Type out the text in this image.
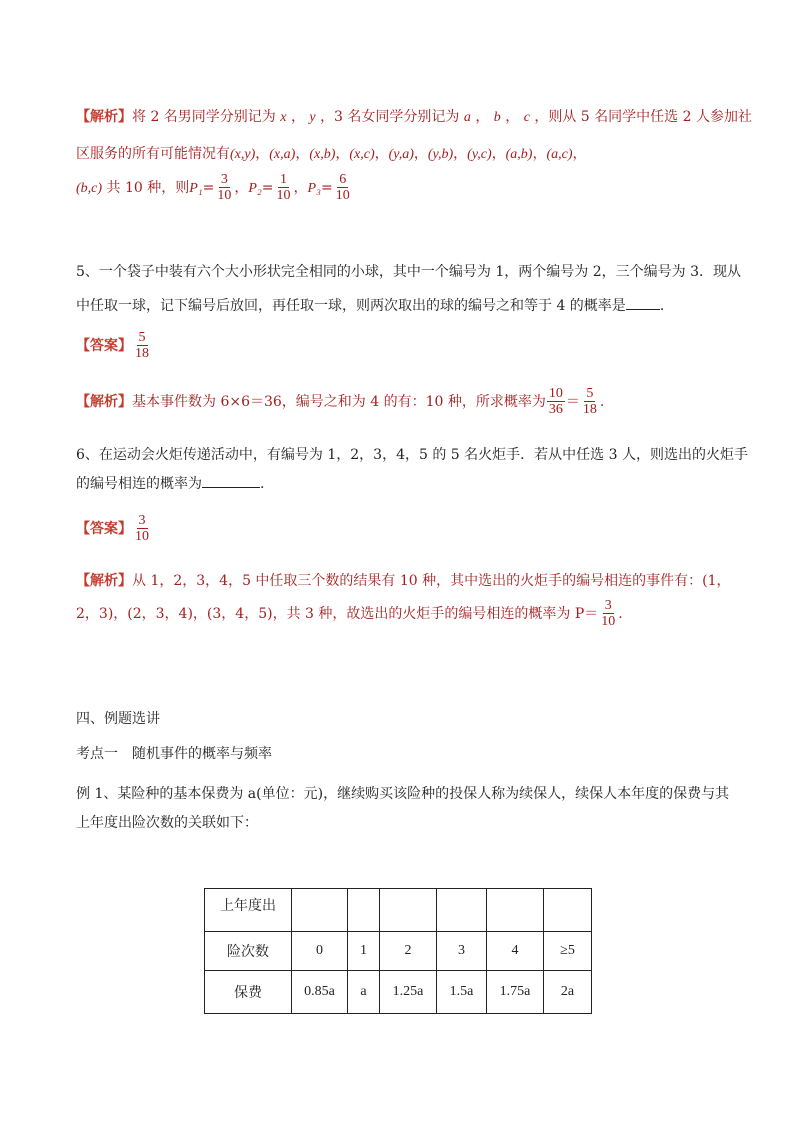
【解析】将 2 名男同学分别记为 x ， y ，3 名女同学分别记为 a ， b ， c ，则从 5 名同学中任选 2 人参加社
区服务的所有可能情况有(x,y)，(x,a)，(x,b)，(x,c)，(y,a)，(y,b)，(y,c)，(a,b)，(a,c)，
(b,c) 共 10 种，则$P_1= \frac{3}{10}$ ，$P_2= \frac{1}{10}$ ，$P_3= \frac{6}{10}$
5、一个袋子中装有六个大小形状完全相同的小球，其中一个编号为 1，两个编号为 2，三个编号为 3．现从
中任取一球，记下编号后放回，再任取一球，则两次取出的球的编号之和等于 4 的概率是 .
【答案】 $\frac{5}{18}$
【解析】基本事件数为 6×6＝36，编号之和为 4 的有：10 种，所求概率为 $\frac{10}{36} = \frac{5}{18}$ .
6、在运动会火炬传递活动中，有编号为 1，2，3，4，5 的 5 名火炬手．若从中任选 3 人，则选出的火炬手
的编号相连的概率为	.
【答案】 $\frac{3}{10}$
【解析】从 1，2，3，4，5 中任取三个数的结果有 10 种，其中选出的火炬手的编号相连的事件有：(1，
2，3)，(2，3，4)，(3，4，5)，共 3 种，故选出的火炬手的编号相连的概率为 $P= \frac{3}{10}$ .
四、例题选讲
考点一　随机事件的概率与频率
例 1、某险种的基本保费为 a(单位：元)，继续购买该险种的投保人称为续保人，续保人本年度的保费与其
上年度出险次数的关联如下：
上年度出						
险次数	0	1	2	3	4	≥5
保费	0.85a	a	1.25a	1.5a	1.75a	2a
